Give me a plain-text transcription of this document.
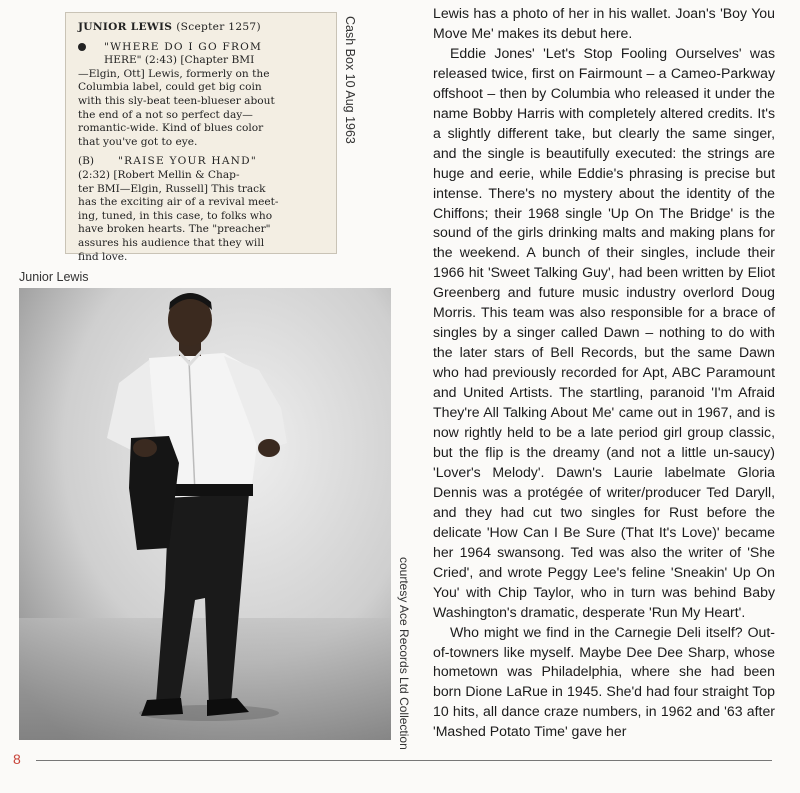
JUNIOR LEWIS (Scepter 1257)
"WHERE DO I GO FROM
HERE" (2:43) [Chapter BMI
—Elgin, Ott] Lewis, formerly on the
Columbia label, could get big coin
with this sly-beat teen-blueser about
the end of a not so perfect day—
romantic-wide. Kind of blues color
that you've got to eye.
(B)	"RAISE YOUR HAND"
(2:32) [Robert Mellin & Chap-
ter BMI—Elgin, Russell] This track
has the exciting air of a revival meet-
ing, tuned, in this case, to folks who
have broken hearts. The "preacher"
assures his audience that they will
find love.
Cash Box 10 Aug 1963
Junior Lewis
courtesy Ace Records Ltd Collection

Lewis has a photo of her in his wallet. Joan's 'Boy You Move Me' makes its debut here.

Eddie Jones' 'Let's Stop Fooling Ourselves' was released twice, first on Fairmount – a Cameo-Parkway offshoot – then by Columbia who released it under the name Bobby Harris with completely altered credits. It's a slightly different take, but clearly the same singer, and the single is beautifully executed: the strings are huge and eerie, while Eddie's phrasing is precise but intense. There's no mystery about the identity of the Chiffons; their 1968 single 'Up On The Bridge' is the sound of the girls drinking malts and making plans for the weekend. A bunch of their singles, include their 1966 hit 'Sweet Talking Guy', had been written by Eliot Greenberg and future music industry overlord Doug Morris. This team was also responsible for a brace of singles by a singer called Dawn – nothing to do with the later stars of Bell Records, but the same Dawn who had previously recorded for Apt, ABC Paramount and United Artists. The startling, paranoid 'I'm Afraid They're All Talking About Me' came out in 1967, and is now rightly held to be a late period girl group classic, but the flip is the dreamy (and not a little un-saucy) 'Lover's Melody'. Dawn's Laurie labelmate Gloria Dennis was a protégée of writer/producer Ted Daryll, and they had cut two singles for Rust before the delicate 'How Can I Be Sure (That It's Love)' became her 1964 swansong. Ted was also the writer of 'She Cried', and wrote Peggy Lee's feline 'Sneakin' Up On You' with Chip Taylor, who in turn was behind Baby Washington's dramatic, desperate 'Run My Heart'.

Who might we find in the Carnegie Deli itself? Out-of-towners like myself. Maybe Dee Dee Sharp, whose hometown was Philadelphia, where she had been born Dione LaRue in 1945. She'd had four straight Top 10 hits, all dance craze numbers, in 1962 and '63 after 'Mashed Potato Time' gave her

8
